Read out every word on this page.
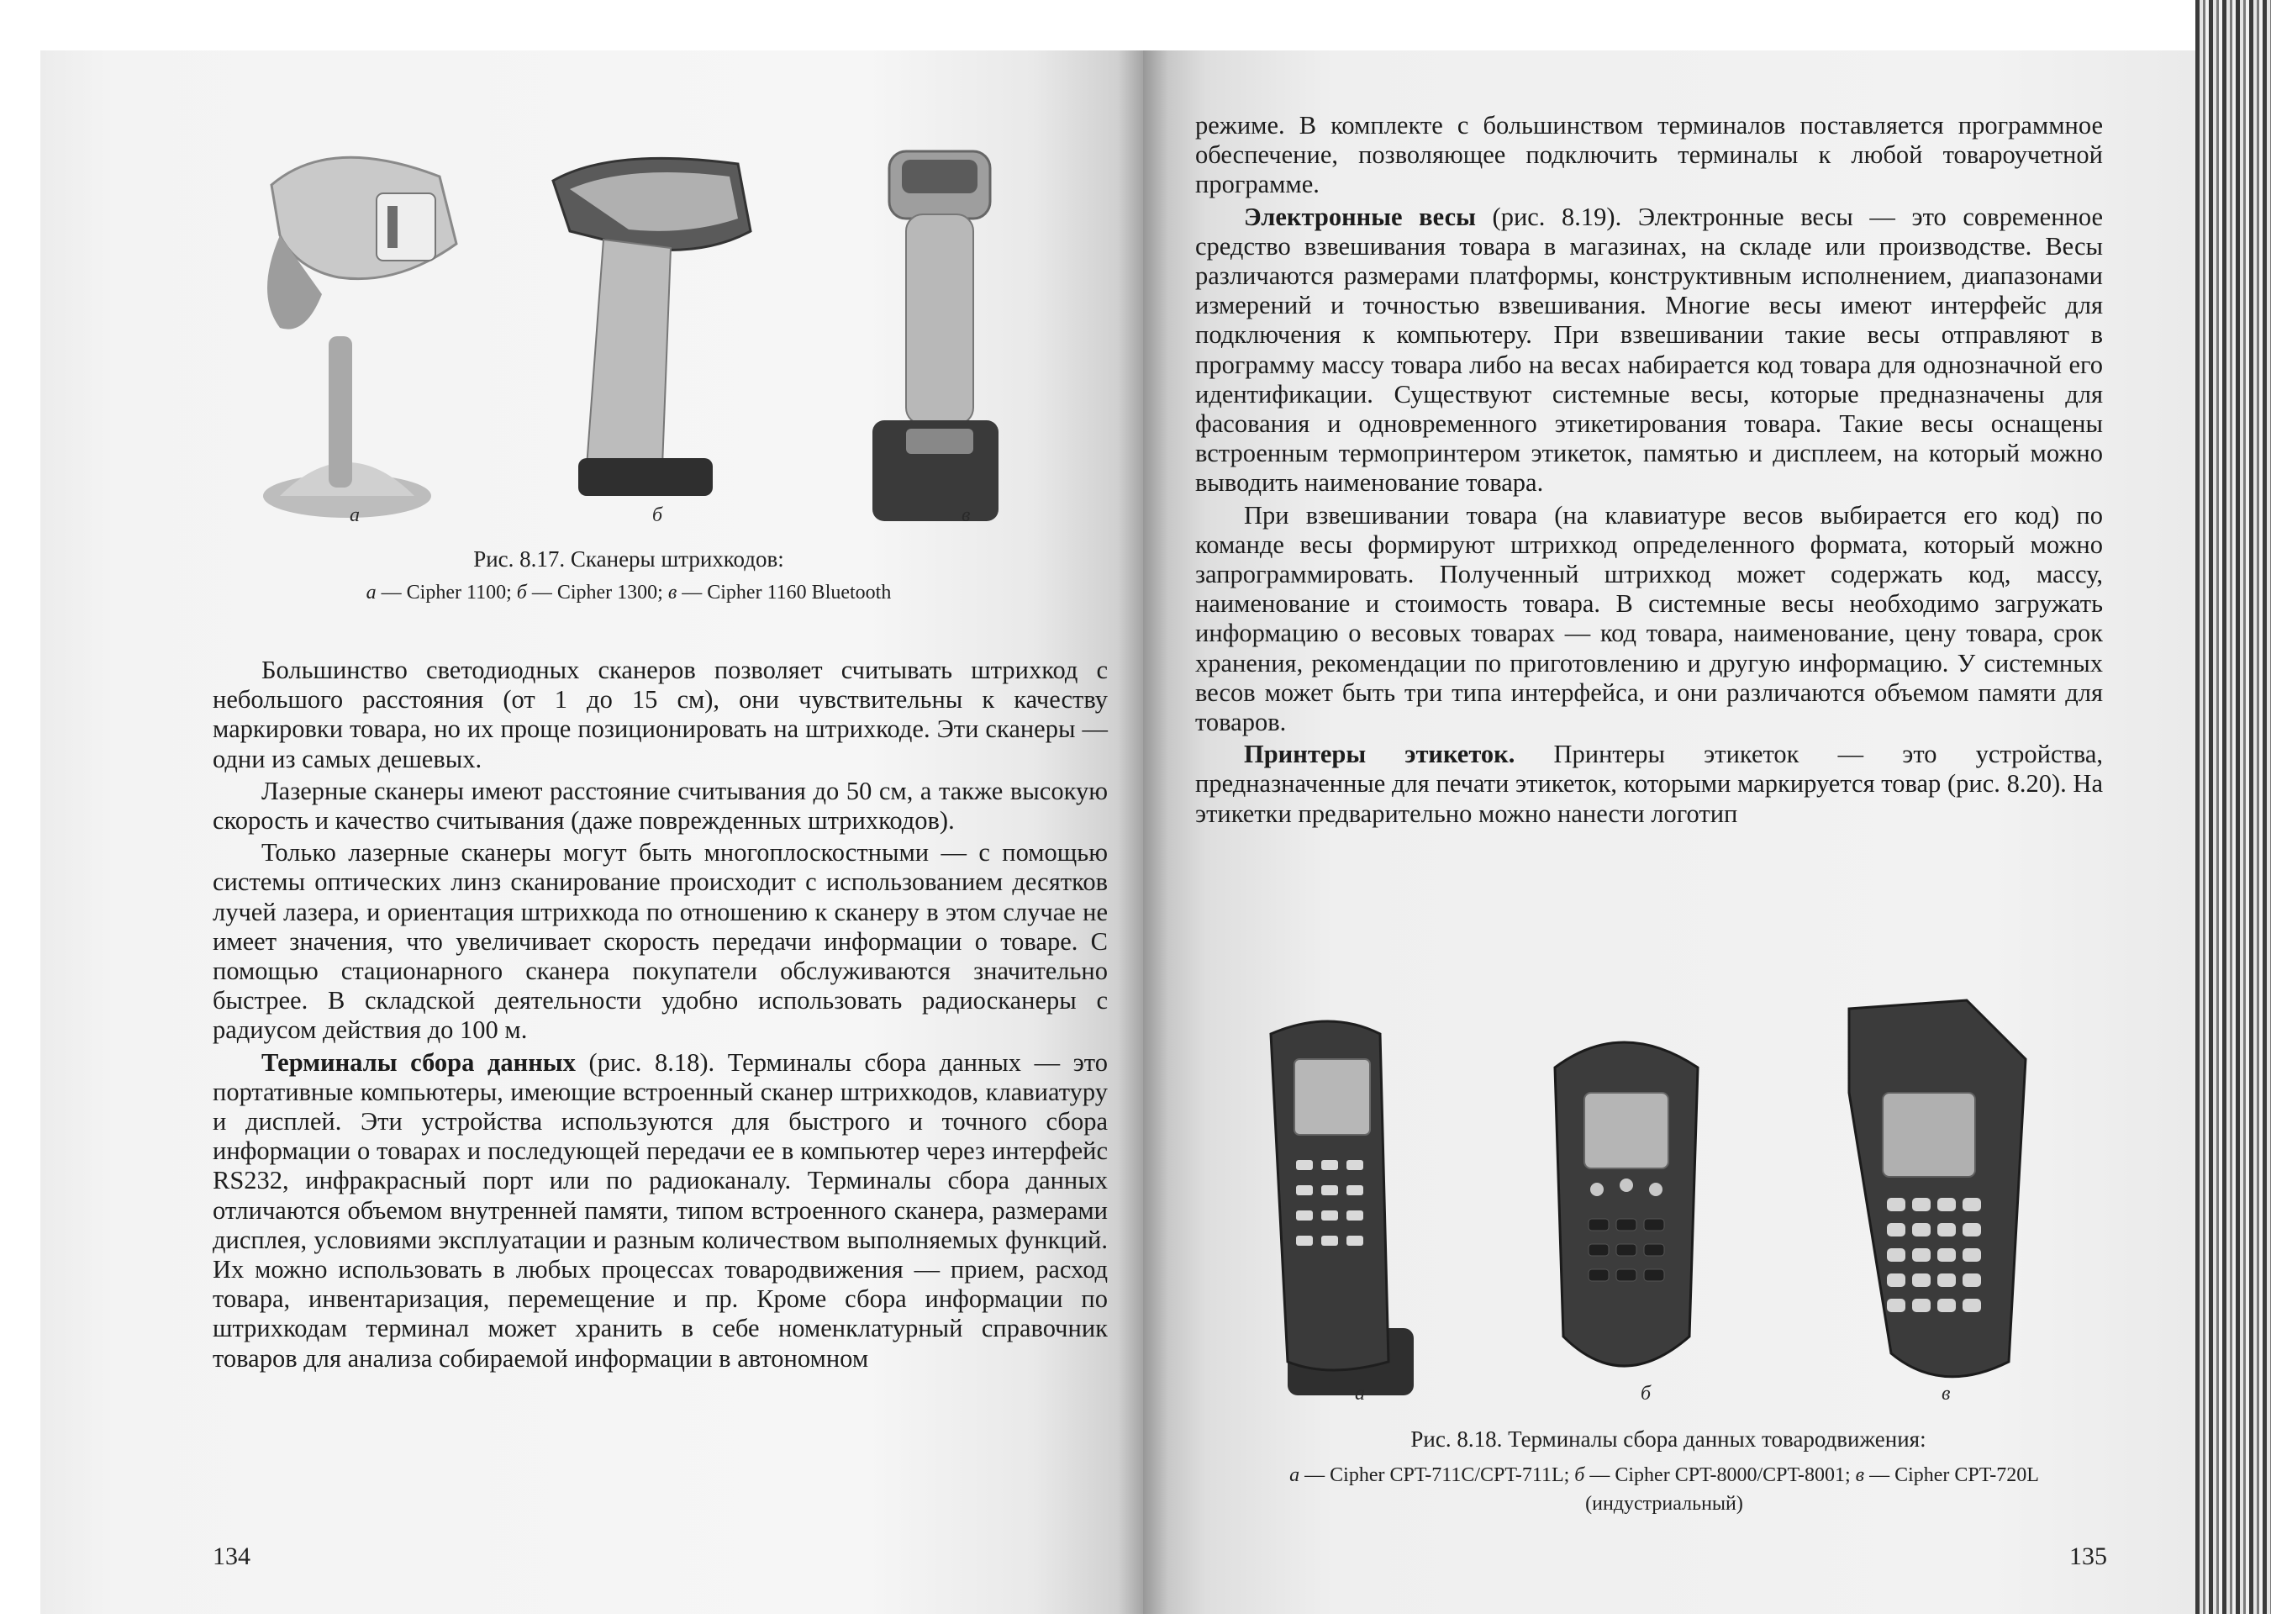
а	б	в
Рис. 8.17. Сканеры штрихкодов:
а — Cipher 1100; б — Cipher 1300; в — Cipher 1160 Bluetooth

Большинство светодиодных сканеров позволяет считывать штрихкод с небольшого расстояния (от 1 до 15 см), они чувствительны к качеству маркировки товара, но их проще позиционировать на штрихкоде. Эти сканеры — одни из самых дешевых.

Лазерные сканеры имеют расстояние считывания до 50 см, а также высокую скорость и качество считывания (даже поврежденных штрихкодов).

Только лазерные сканеры могут быть многоплоскостными — с помощью системы оптических линз сканирование происходит с использованием десятков лучей лазера, и ориентация штрихкода по отношению к сканеру в этом случае не имеет значения, что увеличивает скорость передачи информации о товаре. С помощью стационарного сканера покупатели обслуживаются значительно быстрее. В складской деятельности удобно использовать радиосканеры с радиусом действия до 100 м.

Терминалы сбора данных (рис. 8.18). Терминалы сбора данных — это портативные компьютеры, имеющие встроенный сканер штрихкодов, клавиатуру и дисплей. Эти устройства используются для быстрого и точного сбора информации о товарах и последующей передачи ее в компьютер через интерфейс RS232, инфракрасный порт или по радиоканалу. Терминалы сбора данных отличаются объемом внутренней памяти, типом встроенного сканера, размерами дисплея, условиями эксплуатации и разным количеством выполняемых функций. Их можно использовать в любых процессах товародвижения — прием, расход товара, инвентаризация, перемещение и пр. Кроме сбора информации по штрихкодам терминал может хранить в себе номенклатурный справочник товаров для анализа собираемой информации в автономном

134

режиме. В комплекте с большинством терминалов поставляется программное обеспечение, позволяющее подключить терминалы к любой товароучетной программе.

Электронные весы (рис. 8.19). Электронные весы — это современное средство взвешивания товара в магазинах, на складе или производстве. Весы различаются размерами платформы, конструктивным исполнением, диапазонами измерений и точностью взвешивания. Многие весы имеют интерфейс для подключения к компьютеру. При взвешивании такие весы отправляют в программу массу товара либо на весах набирается код товара для однозначной его идентификации. Существуют системные весы, которые предназначены для фасования и одновременного этикетирования товара. Такие весы оснащены встроенным термопринтером этикеток, памятью и дисплеем, на который можно выводить наименование товара.

При взвешивании товара (на клавиатуре весов выбирается его код) по команде весы формируют штрихкод определенного формата, который можно запрограммировать. Полученный штрихкод может содержать код, массу, наименование и стоимость товара. В системные весы необходимо загружать информацию о весовых товарах — код товара, наименование, цену товара, срок хранения, рекомендации по приготовлению и другую информацию. У системных весов может быть три типа интерфейса, и они различаются объемом памяти для товаров.

Принтеры этикеток. Принтеры этикеток — это устройства, предназначенные для печати этикеток, которыми маркируется товар (рис. 8.20). На этикетки предварительно можно нанести логотип

а	б	в
Рис. 8.18. Терминалы сбора данных товародвижения:
а — Cipher CPT-711C/CPT-711L; б — Cipher CPT-8000/CPT-8001; в — Cipher CPT-720L (индустриальный)
135
